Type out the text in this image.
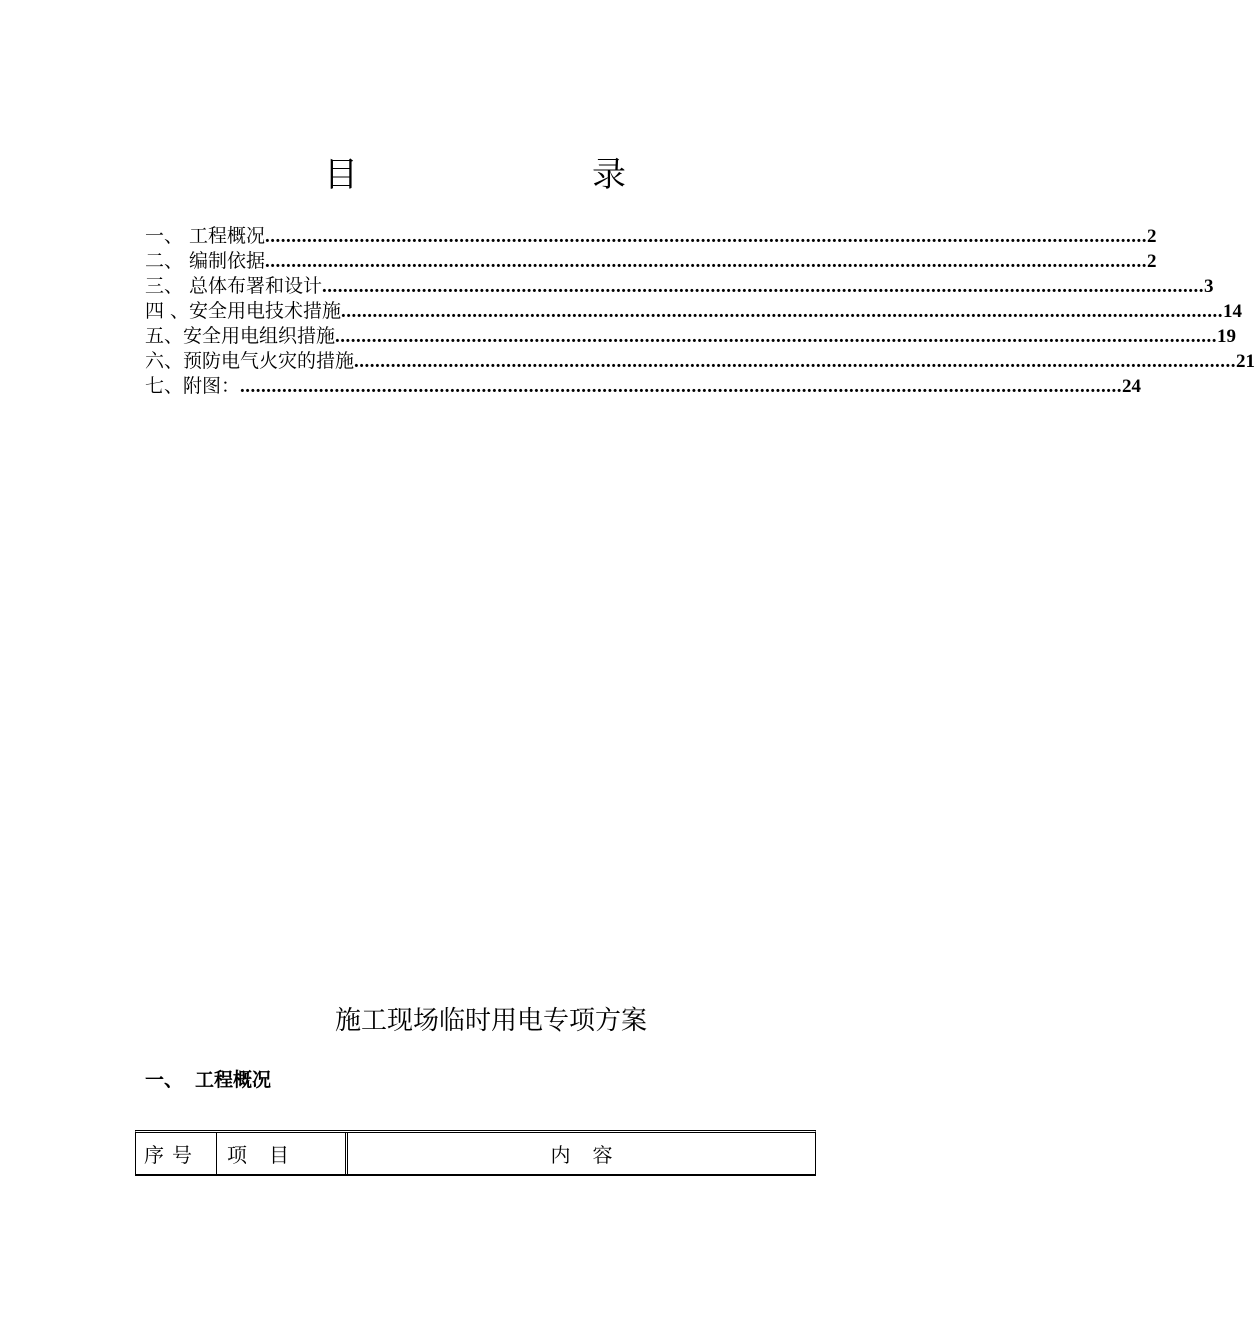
目　录
一、 工程概况 ........................................................................................................................................................................ 2
二、 编制依据 ........................................................................................................................................................................ 2
三、 总体布署和设计 ........................................................................................................................................................................ 3
四 、安全用电技术措施 ........................................................................................................................................................................ 14
五、安全用电组织措施 ........................................................................................................................................................................ 19
六、预防电气火灾的措施 ........................................................................................................................................................................ 21
七、附图： ........................................................................................................................................................................ 24
施工现场临时用电专项方案
一、 工程概况
序号	项目	内容
